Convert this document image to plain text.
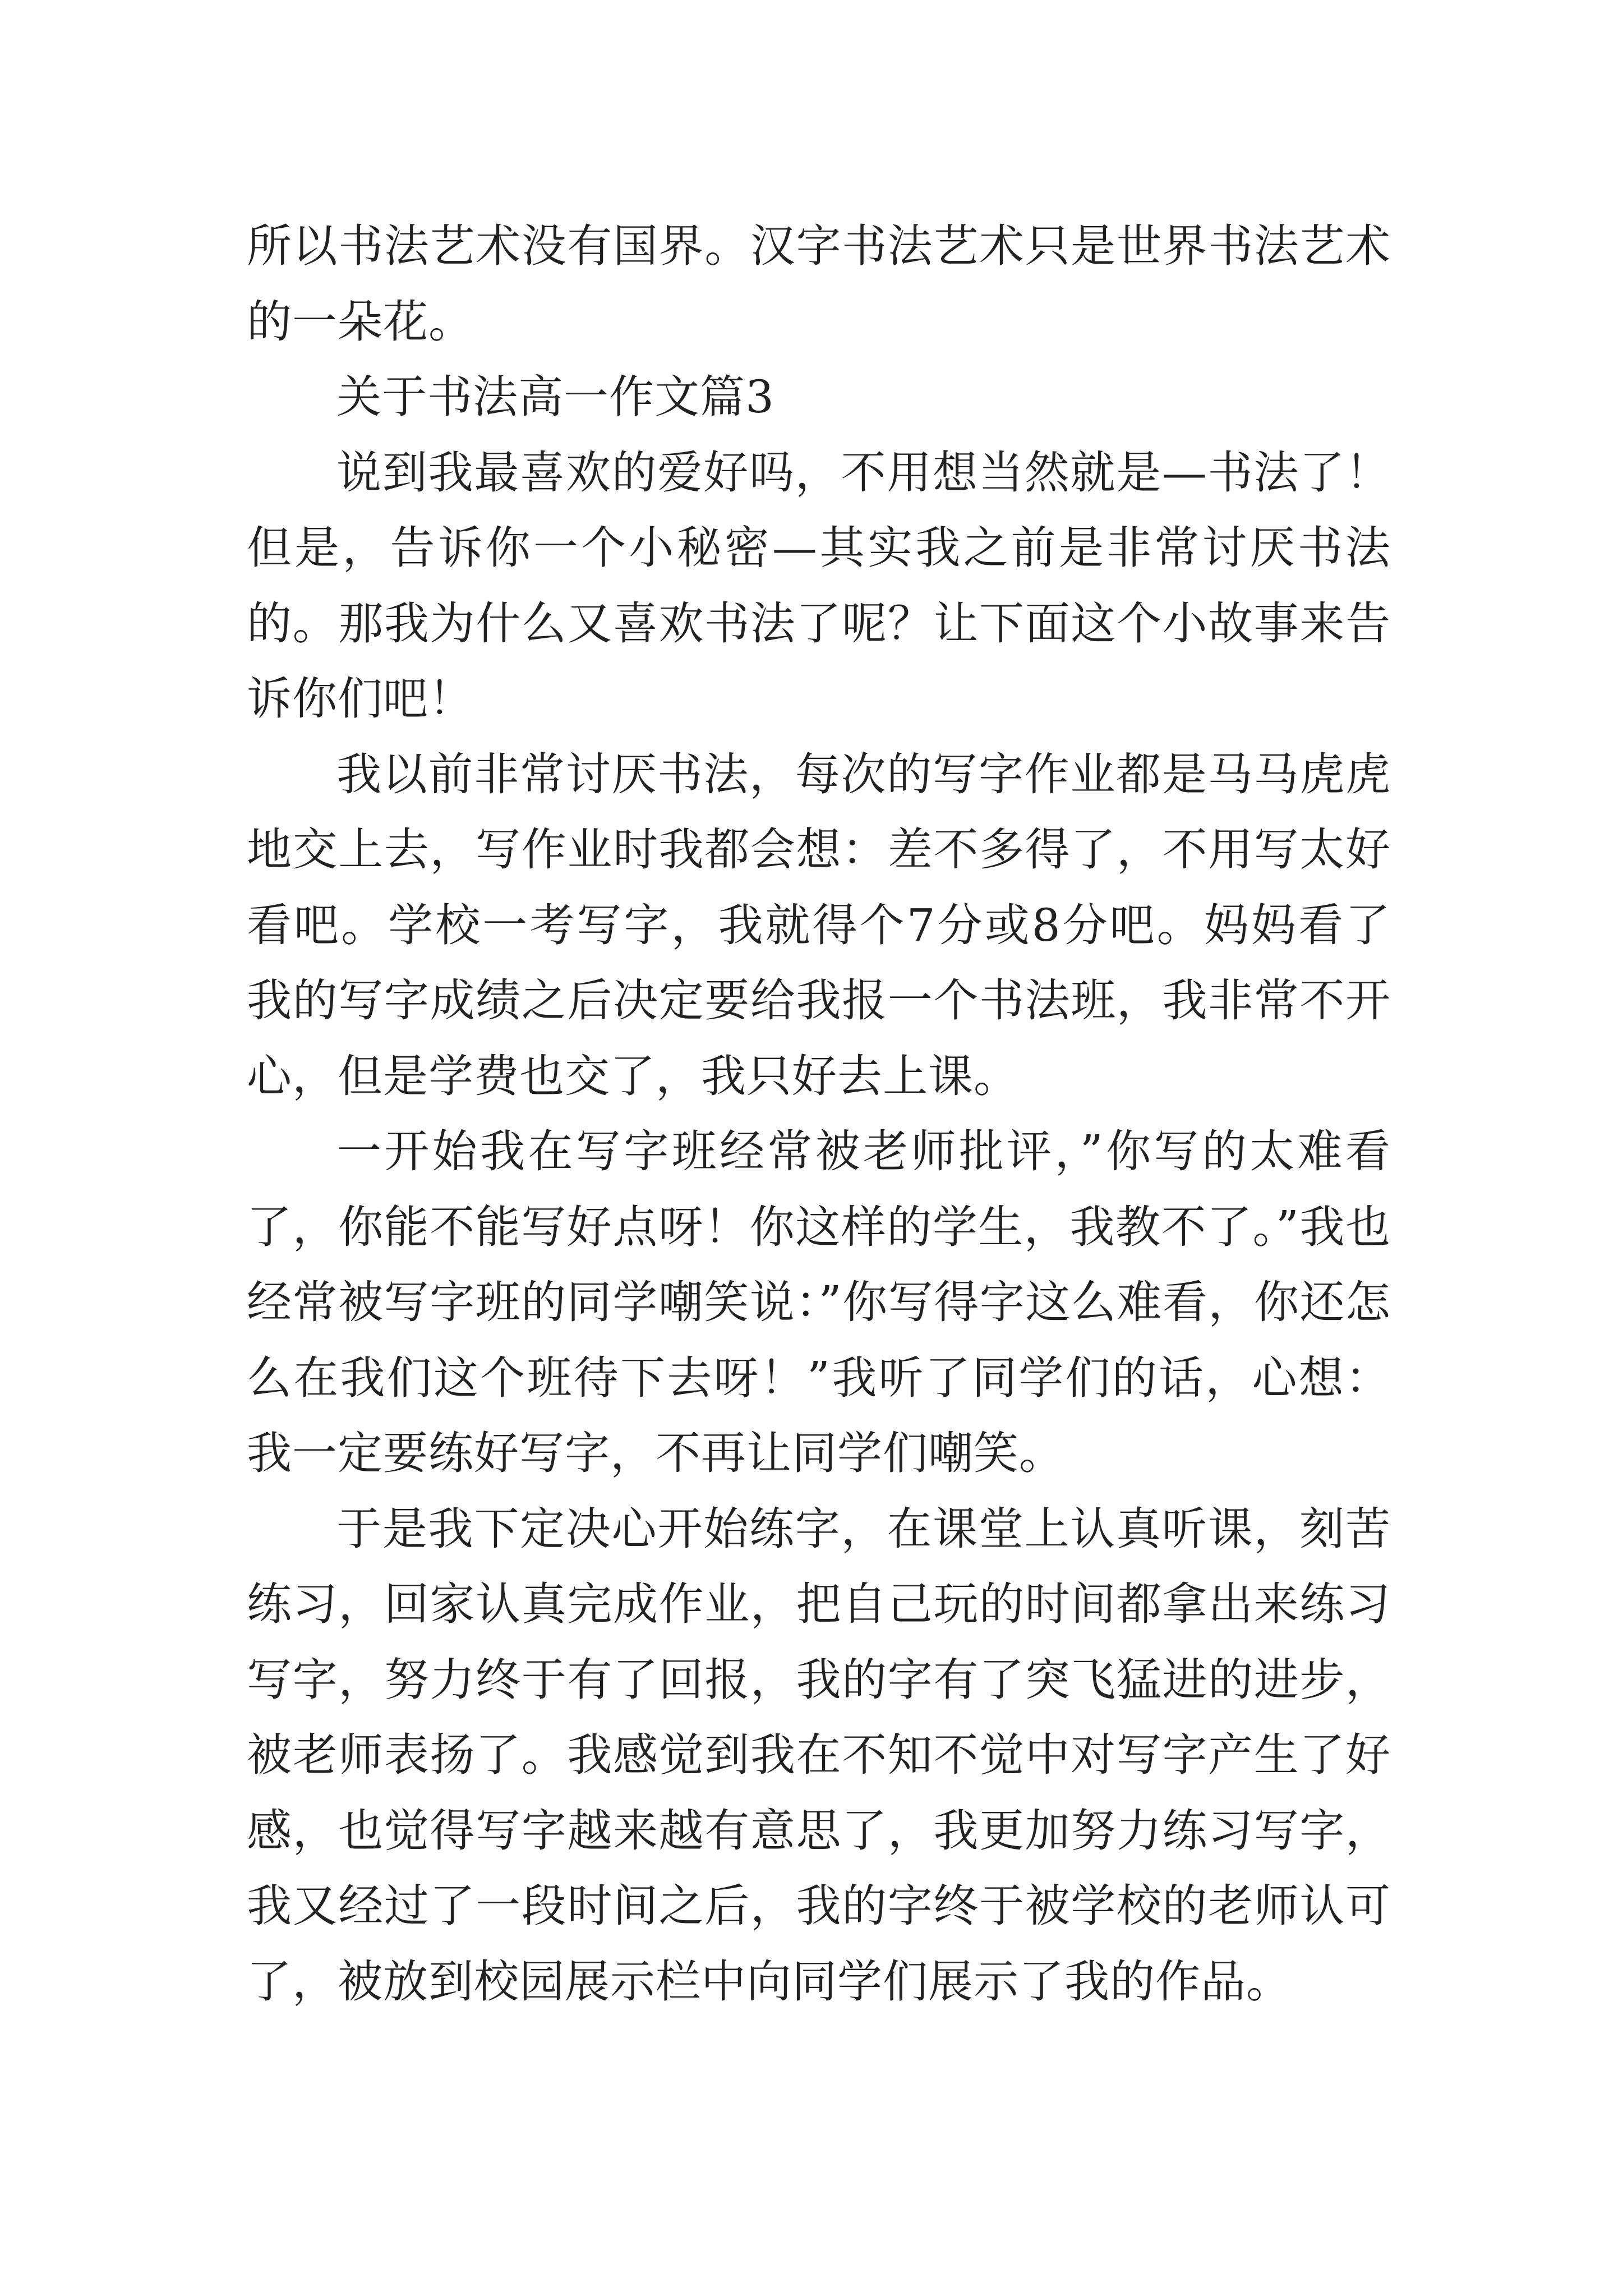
所以书法艺术没有国界。汉字书法艺术只是世界书法艺术的一朵花。

关于书法高一作文篇3

说到我最喜欢的爱好吗，不用想当然就是—书法了！但是，告诉你一个小秘密—其实我之前是非常讨厌书法的。那我为什么又喜欢书法了呢？让下面这个小故事来告诉你们吧！

我以前非常讨厌书法，每次的写字作业都是马马虎虎地交上去，写作业时我都会想：差不多得了，不用写太好看吧。学校一考写字，我就得个7分或8分吧。妈妈看了我的写字成绩之后决定要给我报一个书法班，我非常不开心，但是学费也交了，我只好去上课。

一开始我在写字班经常被老师批评，”你写的太难看了，你能不能写好点呀！你这样的学生，我教不了。”我也经常被写字班的同学嘲笑说：”你写得字这么难看，你还怎么在我们这个班待下去呀！”我听了同学们的话，心想：我一定要练好写字，不再让同学们嘲笑。

于是我下定决心开始练字，在课堂上认真听课，刻苦练习，回家认真完成作业，把自己玩的时间都拿出来练习写字，努力终于有了回报，我的字有了突飞猛进的进步，被老师表扬了。我感觉到我在不知不觉中对写字产生了好感，也觉得写字越来越有意思了，我更加努力练习写字，我又经过了一段时间之后，我的字终于被学校的老师认可了，被放到校园展示栏中向同学们展示了我的作品。
